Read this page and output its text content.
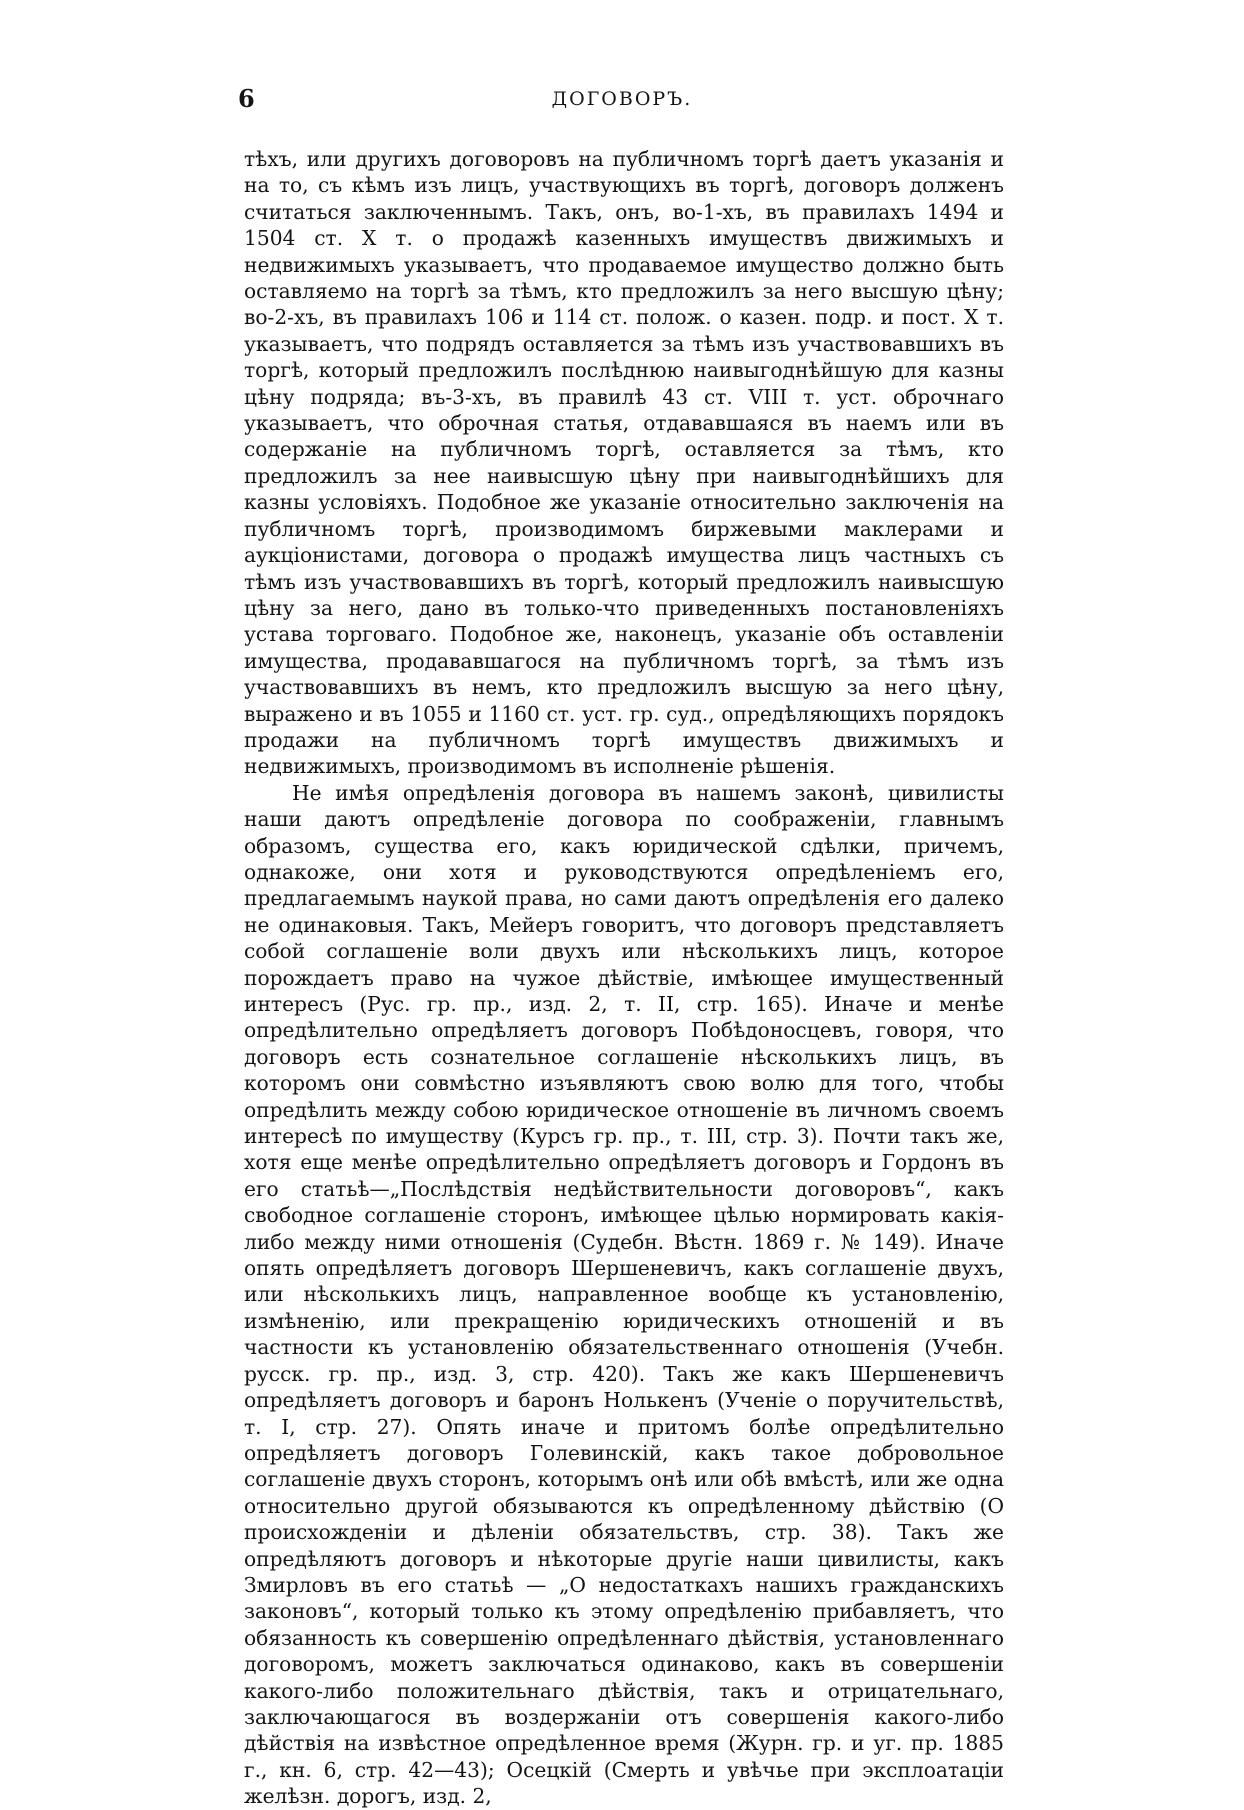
6	ДОГОВОРЪ.

тѣхъ, или другихъ договоровъ на публичномъ торгѣ даетъ указанія и на то, съ кѣмъ изъ лицъ, участвующихъ въ торгѣ, договоръ долженъ считаться заключеннымъ. Такъ, онъ, во-1-хъ, въ правилахъ 1494 и 1504 ст. X т. о продажѣ казенныхъ имуществъ движимыхъ и недвижимыхъ указываетъ, что продаваемое имущество должно быть оставляемо на торгѣ за тѣмъ, кто предложилъ за него высшую цѣну; во-2-хъ, въ правилахъ 106 и 114 ст. полож. о казен. подр. и пост. X т. указываетъ, что подрядъ оставляется за тѣмъ изъ участвовавшихъ въ торгѣ, который предложилъ послѣднюю наивыгоднѣйшую для казны цѣну подряда; въ-3-хъ, въ правилѣ 43 ст. VIII т. уст. оброчнаго указываетъ, что оброчная статья, отдававшаяся въ наемъ или въ содержаніе на публичномъ торгѣ, оставляется за тѣмъ, кто предложилъ за нее наивысшую цѣну при наивыгоднѣйшихъ для казны условіяхъ. Подобное же указаніе относительно заключенія на публичномъ торгѣ, производимомъ биржевыми маклерами и аукціонистами, договора о продажѣ имущества лицъ частныхъ съ тѣмъ изъ участвовавшихъ въ торгѣ, который предложилъ наивысшую цѣну за него, дано въ только-что приведенныхъ постановленіяхъ устава торговаго. Подобное же, наконецъ, указаніе объ оставленіи имущества, продававшагося на публичномъ торгѣ, за тѣмъ изъ участвовавшихъ въ немъ, кто предложилъ высшую за него цѣну, выражено и въ 1055 и 1160 ст. уст. гр. суд., опредѣляющихъ порядокъ продажи на публичномъ торгѣ имуществъ движимыхъ и недвижимыхъ, производимомъ въ исполненіе рѣшенія.

Не имѣя опредѣленія договора въ нашемъ законѣ, цивилисты наши даютъ опредѣленіе договора по соображеніи, главнымъ образомъ, существа его, какъ юридической сдѣлки, причемъ, однакоже, они хотя и руководствуются опредѣленіемъ его, предлагаемымъ наукой права, но сами даютъ опредѣленія его далеко не одинаковыя. Такъ, Мейеръ говоритъ, что договоръ представляетъ собой соглашеніе воли двухъ или нѣсколькихъ лицъ, которое порождаетъ право на чужое дѣйствіе, имѣющее имущественный интересъ (Рус. гр. пр., изд. 2, т. II, стр. 165). Иначе и менѣе опредѣлительно опредѣляетъ договоръ Побѣдоносцевъ, говоря, что договоръ есть сознательное соглашеніе нѣсколькихъ лицъ, въ которомъ они совмѣстно изъявляютъ свою волю для того, чтобы опредѣлить между собою юридическое отношеніе въ личномъ своемъ интересѣ по имуществу (Курсъ гр. пр., т. III, стр. 3). Почти такъ же, хотя еще менѣе опредѣлительно опредѣляетъ договоръ и Гордонъ въ его статьѣ—„Послѣдствія недѣйствительности договоровъ“, какъ свободное соглашеніе сторонъ, имѣющее цѣлью нормировать какія-либо между ними отношенія (Судебн. Вѣстн. 1869 г. № 149). Иначе опять опредѣляетъ договоръ Шершеневичъ, какъ соглашеніе двухъ, или нѣсколькихъ лицъ, направленное вообще къ установленію, измѣненію, или прекращенію юридическихъ отношеній и въ частности къ установленію обязательственнаго отношенія (Учебн. русск. гр. пр., изд. 3, стр. 420). Такъ же какъ Шершеневичъ опредѣляетъ договоръ и баронъ Нолькенъ (Ученіе о поручительствѣ, т. I, стр. 27). Опять иначе и притомъ болѣе опредѣлительно опредѣляетъ договоръ Голевинскій, какъ такое добровольное соглашеніе двухъ сторонъ, которымъ онѣ или обѣ вмѣстѣ, или же одна относительно другой обязываются къ опредѣленному дѣйствію (О происхожденіи и дѣленіи обязательствъ, стр. 38). Такъ же опредѣляютъ договоръ и нѣкоторые другіе наши цивилисты, какъ Змирловъ въ его статьѣ — „О недостаткахъ нашихъ гражданскихъ законовъ“, который только къ этому опредѣленію прибавляетъ, что обязанность къ совершенію опредѣленнаго дѣйствія, установленнаго договоромъ, можетъ заключаться одинаково, какъ въ совершеніи какого-либо положительнаго дѣйствія, такъ и отрицательнаго, заключающагося въ воздержаніи отъ совершенія какого-либо дѣйствія на извѣстное опредѣленное время (Журн. гр. и уг. пр. 1885 г., кн. 6, стр. 42—43); Осецкій (Смерть и увѣчье при эксплоатаціи желѣзн. дорогъ, изд. 2,
